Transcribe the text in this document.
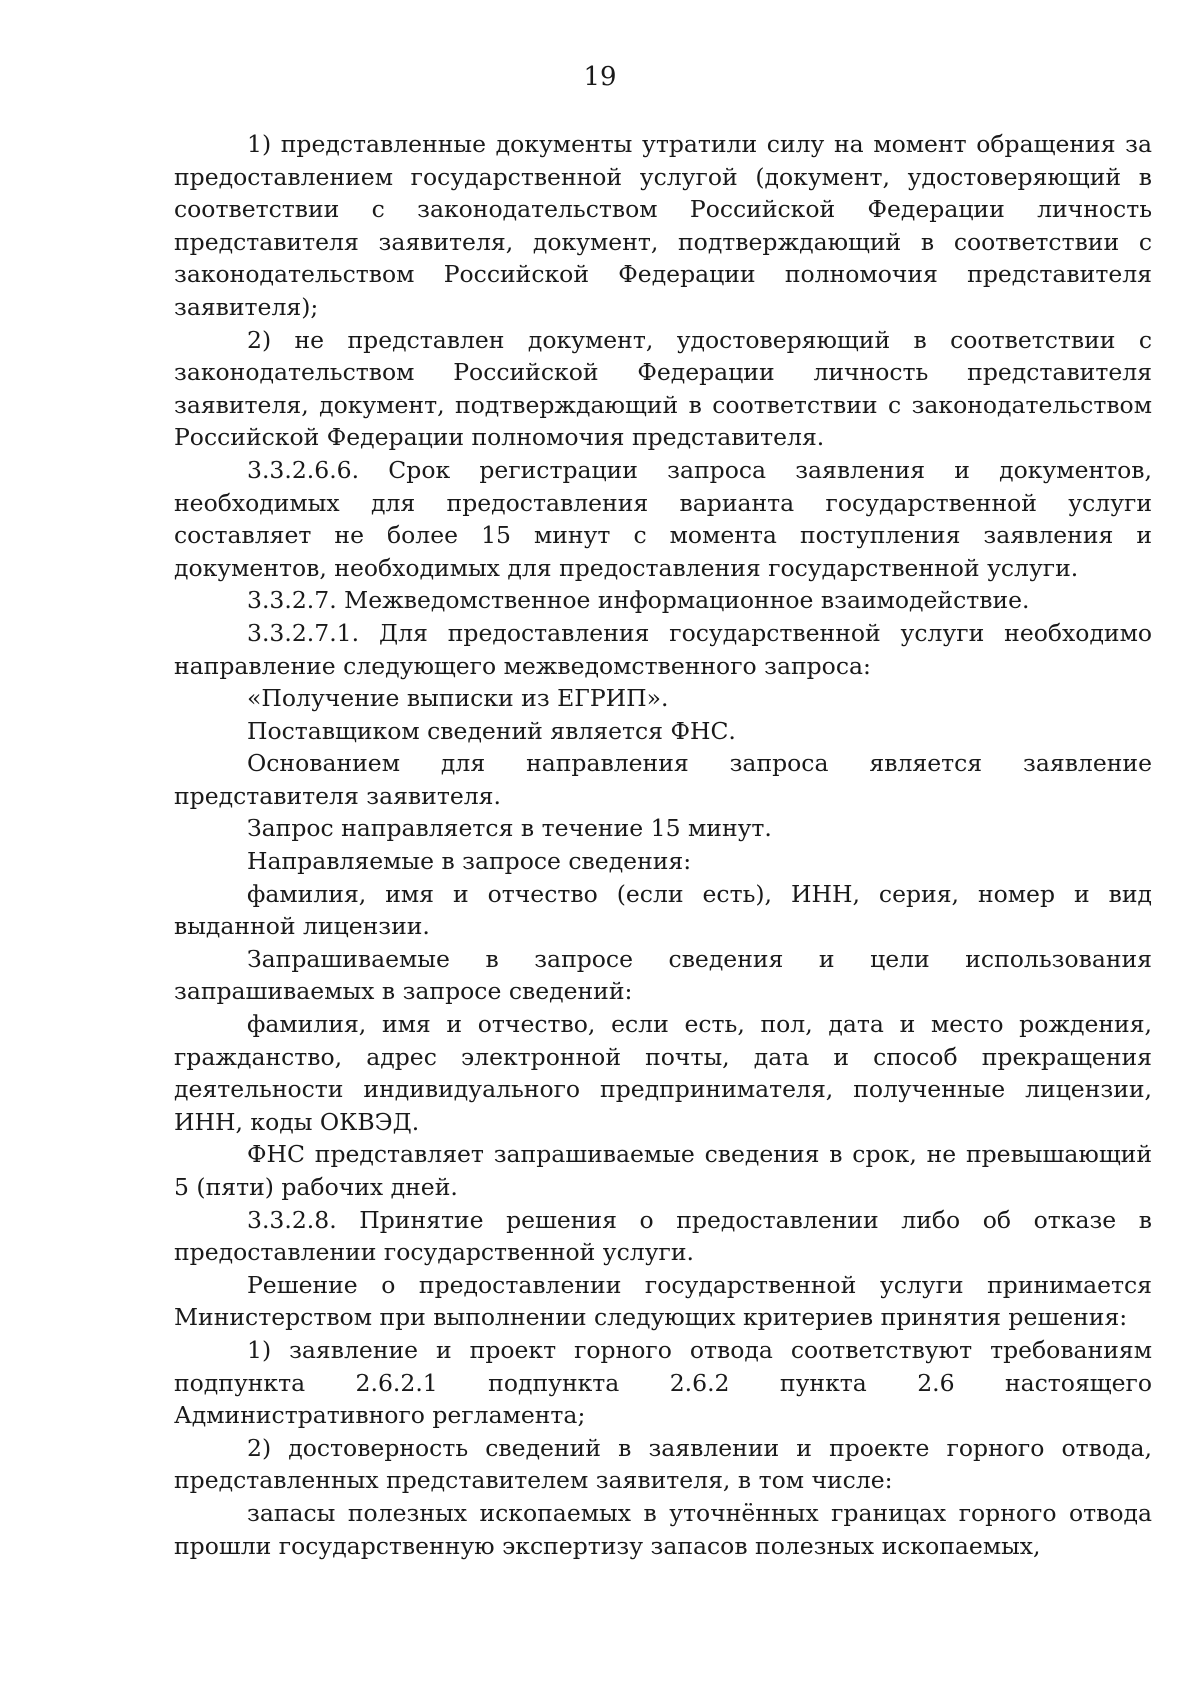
19

1) представленные документы утратили силу на момент обращения за предоставлением государственной услугой (документ, удостоверяющий в соответствии с законодательством Российской Федерации личность представителя заявителя, документ, подтверждающий в соответствии с законодательством Российской Федерации полномочия представителя заявителя);

2) не представлен документ, удостоверяющий в соответствии с законодательством Российской Федерации личность представителя заявителя, документ, подтверждающий в соответствии с законодательством Российской Федерации полномочия представителя.

3.3.2.6.6. Срок регистрации запроса заявления и документов, необходимых для предоставления варианта государственной услуги составляет не более 15 минут с момента поступления заявления и документов, необходимых для предоставления государственной услуги.

3.3.2.7. Межведомственное информационное взаимодействие.

3.3.2.7.1. Для предоставления государственной услуги необходимо направление следующего межведомственного запроса:

«Получение выписки из ЕГРИП».

Поставщиком сведений является ФНС.

Основанием для направления запроса является заявление представителя заявителя.

Запрос направляется в течение 15 минут.

Направляемые в запросе сведения:

фамилия, имя и отчество (если есть), ИНН, серия, номер и вид выданной лицензии.

Запрашиваемые в запросе сведения и цели использования запрашиваемых в запросе сведений:

фамилия, имя и отчество, если есть, пол, дата и место рождения, гражданство, адрес электронной почты, дата и способ прекращения деятельности индивидуального предпринимателя, полученные лицензии, ИНН, коды ОКВЭД.

ФНС представляет запрашиваемые сведения в срок, не превышающий 5 (пяти) рабочих дней.

3.3.2.8. Принятие решения о предоставлении либо об отказе в предоставлении государственной услуги.

Решение о предоставлении государственной услуги принимается Министерством при выполнении следующих критериев принятия решения:

1) заявление и проект горного отвода соответствуют требованиям подпункта 2.6.2.1 подпункта 2.6.2 пункта 2.6 настоящего Административного регламента;

2) достоверность сведений в заявлении и проекте горного отвода, представленных представителем заявителя, в том числе:

запасы полезных ископаемых в уточнённых границах горного отвода прошли государственную экспертизу запасов полезных ископаемых,
